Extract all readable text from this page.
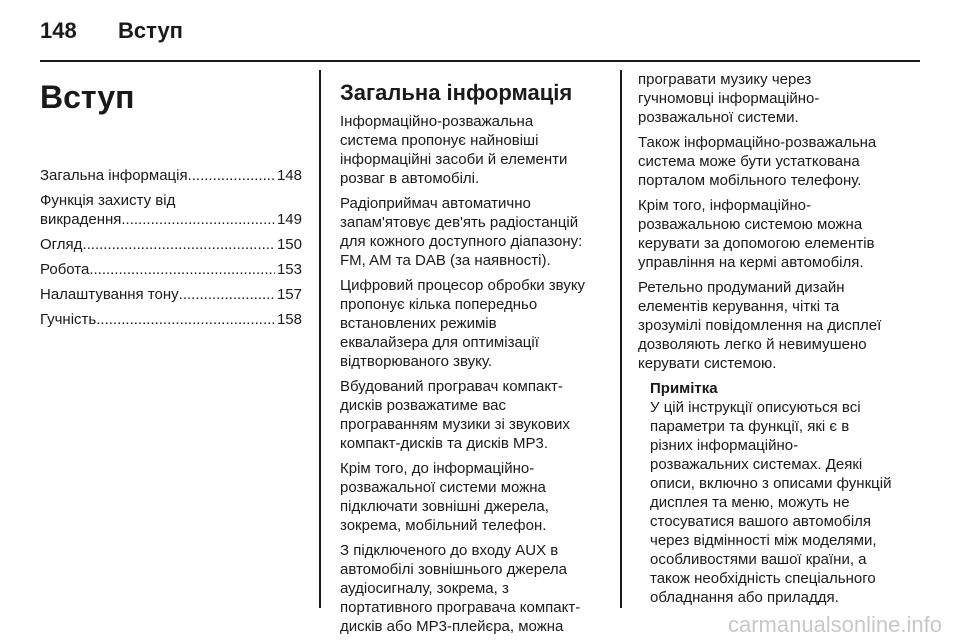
148	Вступ
Вступ
Загальна інформація .....	148
Функція захисту від
викрадення .....	149
Огляд .....	150
Робота .....	153
Налаштування тону .....	157
Гучність .....	158
Загальна інформація
Інформаційно-розважальна
система пропонує найновіші
інформаційні засоби й елементи
розваг в автомобілі.
Радіоприймач автоматично
запам'ятовує дев'ять радіостанцій
для кожного доступного діапазону:
FM, AM та DAB (за наявності).
Цифровий процесор обробки звуку
пропонує кілька попередньо
встановлених режимів
еквалайзера для оптимізації
відтворюваного звуку.
Вбудований програвач компакт-
дисків розважатиме вас
програванням музики зі звукових
компакт-дисків та дисків MP3.
Крім того, до інформаційно-
розважальної системи можна
підключати зовнішні джерела,
зокрема, мобільний телефон.
З підключеного до входу AUX в
автомобілі зовнішнього джерела
аудіосигналу, зокрема, з
портативного програвача компакт-
дисків або MP3-плейєра, можна
програвати музику через
гучномовці інформаційно-
розважальної системи.
Також інформаційно-розважальна
система може бути устаткована
порталом мобільного телефону.
Крім того, інформаційно-
розважальною системою можна
керувати за допомогою елементів
управління на кермі автомобіля.
Ретельно продуманий дизайн
елементів керування, чіткі та
зрозумілі повідомлення на дисплеї
дозволяють легко й невимушено
керувати системою.
Примітка
У цій інструкції описуються всі
параметри та функції, які є в
різних інформаційно-
розважальних системах. Деякі
описи, включно з описами функцій
дисплея та меню, можуть не
стосуватися вашого автомобіля
через відмінності між моделями,
особливостями вашої країни, а
також необхідність спеціального
обладнання або приладдя.
carmanualsonline.info
